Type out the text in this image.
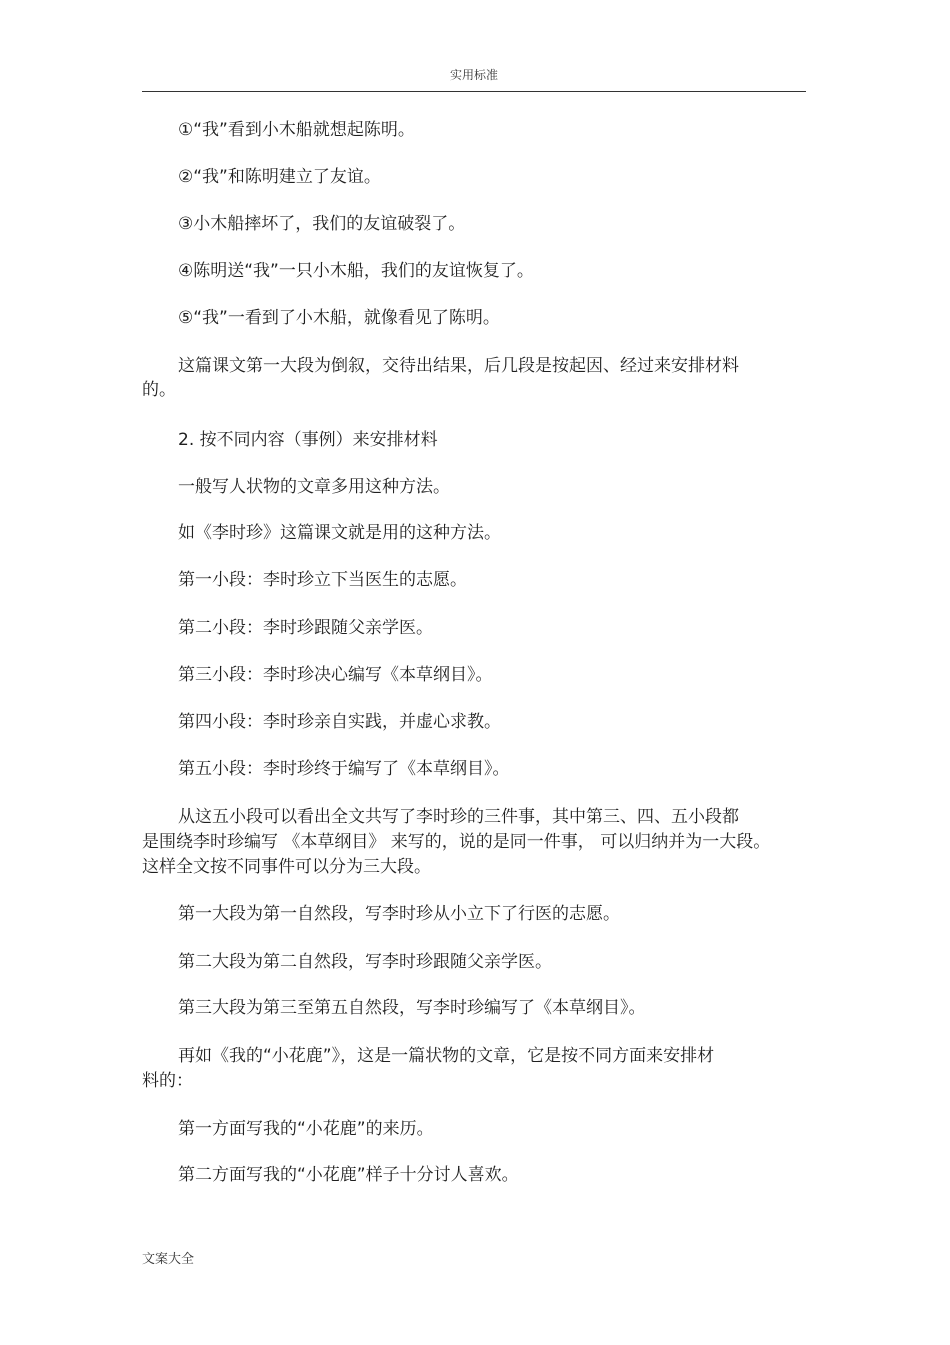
实用标准
①“我”看到小木船就想起陈明。
②“我”和陈明建立了友谊。
③小木船摔坏了，我们的友谊破裂了。
④陈明送“我”一只小木船，我们的友谊恢复了。
⑤“我”一看到了小木船，就像看见了陈明。
这篇课文第一大段为倒叙，交待出结果，后几段是按起因、经过来安排材料
的。
2. 按不同内容（事例）来安排材料
一般写人状物的文章多用这种方法。
如《李时珍》这篇课文就是用的这种方法。
第一小段：李时珍立下当医生的志愿。
第二小段：李时珍跟随父亲学医。
第三小段：李时珍决心编写《本草纲目》。
第四小段：李时珍亲自实践，并虚心求教。
第五小段：李时珍终于编写了《本草纲目》。
从这五小段可以看出全文共写了李时珍的三件事，其中第三、四、五小段都
是围绕李时珍编写 《本草纲目》 来写的，说的是同一件事， 可以归纳并为一大段。
这样全文按不同事件可以分为三大段。
第一大段为第一自然段，写李时珍从小立下了行医的志愿。
第二大段为第二自然段，写李时珍跟随父亲学医。
第三大段为第三至第五自然段，写李时珍编写了《本草纲目》。
再如《我的“小花鹿”》，这是一篇状物的文章，它是按不同方面来安排材
料的：
第一方面写我的“小花鹿”的来历。
第二方面写我的“小花鹿”样子十分讨人喜欢。
文案大全
